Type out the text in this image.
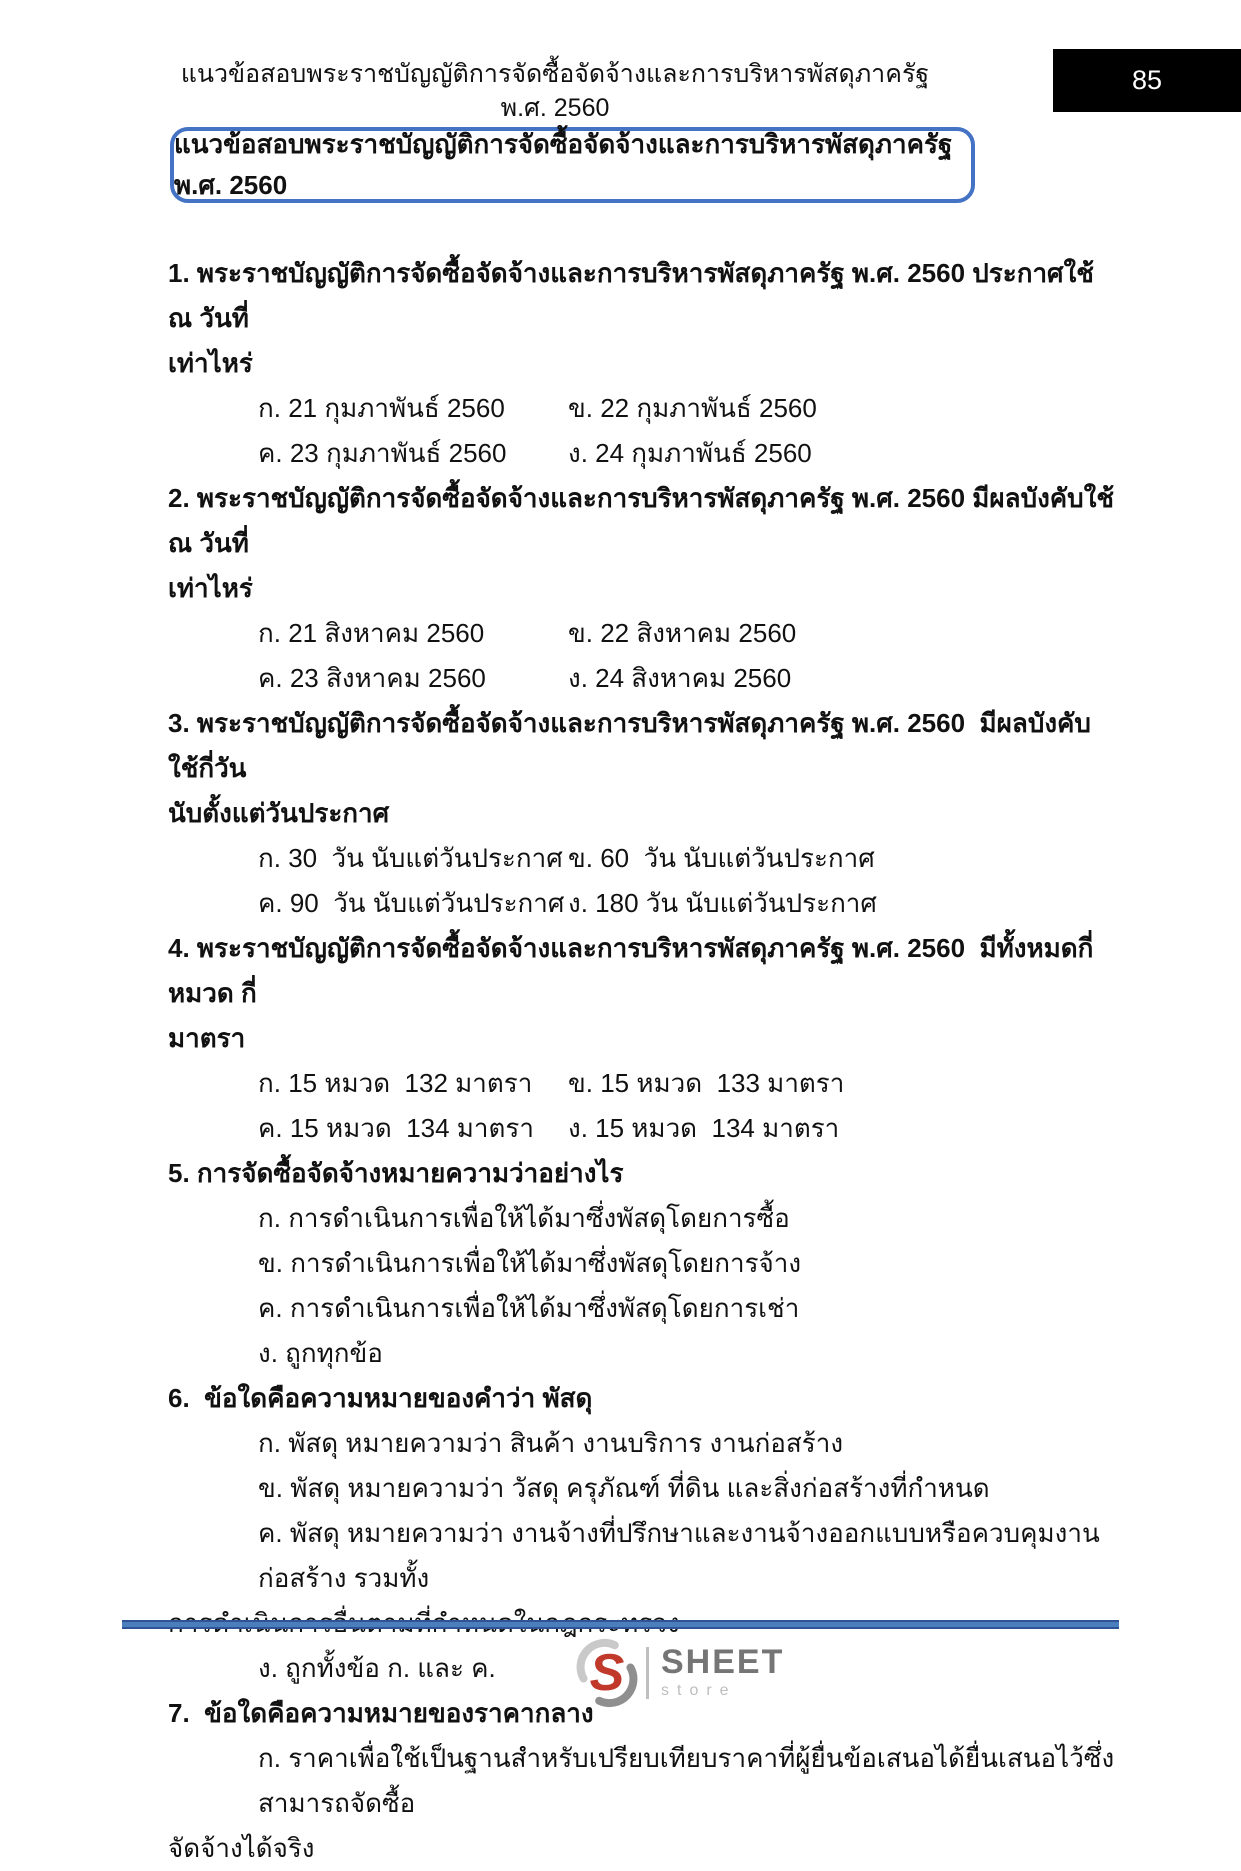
แนวข้อสอบพระราชบัญญัติการจัดซื้อจัดจ้างและการบริหารพัสดุภาครัฐ พ.ศ. 2560
85
แนวข้อสอบพระราชบัญญัติการจัดซื้อจัดจ้างและการบริหารพัสดุภาครัฐ พ.ศ. 2560

1. พระราชบัญญัติการจัดซื้อจัดจ้างและการบริหารพัสดุภาครัฐ พ.ศ. 2560 ประกาศใช้ ณ วันที่

เท่าไหร่

ก. 21 กุมภาพันธ์ 2560	ข. 22 กุมภาพันธ์ 2560
ค. 23 กุมภาพันธ์ 2560	ง. 24 กุมภาพันธ์ 2560

2. พระราชบัญญัติการจัดซื้อจัดจ้างและการบริหารพัสดุภาครัฐ พ.ศ. 2560 มีผลบังคับใช้ ณ วันที่

เท่าไหร่

ก. 21 สิงหาคม 2560	ข. 22 สิงหาคม 2560
ค. 23 สิงหาคม 2560	ง. 24 สิงหาคม 2560

3. พระราชบัญญัติการจัดซื้อจัดจ้างและการบริหารพัสดุภาครัฐ พ.ศ. 2560  มีผลบังคับใช้กี่วัน

นับตั้งแต่วันประกาศ

ก. 30  วัน นับแต่วันประกาศ ข. 60  วัน นับแต่วันประกาศ
ค. 90  วัน นับแต่วันประกาศ ง. 180 วัน นับแต่วันประกาศ

4. พระราชบัญญัติการจัดซื้อจัดจ้างและการบริหารพัสดุภาครัฐ พ.ศ. 2560  มีทั้งหมดกี่หมวด กี่

มาตรา

ก. 15 หมวด  132 มาตรา	ข. 15 หมวด  133 มาตรา
ค. 15 หมวด  134 มาตรา	ง. 15 หมวด  134 มาตรา

5. การจัดซื้อจัดจ้างหมายความว่าอย่างไร

ก. การดำเนินการเพื่อให้ได้มาซึ่งพัสดุโดยการซื้อ

ข. การดำเนินการเพื่อให้ได้มาซึ่งพัสดุโดยการจ้าง

ค. การดำเนินการเพื่อให้ได้มาซึ่งพัสดุโดยการเช่า

ง. ถูกทุกข้อ

6.  ข้อใดคือความหมายของคำว่า พัสดุ

ก. พัสดุ หมายความว่า สินค้า งานบริการ งานก่อสร้าง

ข. พัสดุ หมายความว่า วัสดุ ครุภัณฑ์ ที่ดิน และสิ่งก่อสร้างที่กำหนด

ค. พัสดุ หมายความว่า งานจ้างที่ปรึกษาและงานจ้างออกแบบหรือควบคุมงานก่อสร้าง รวมทั้ง

ง. ถูกทั้งข้อ ก. และ ค.

7.  ข้อใดคือความหมายของราคากลาง

ก. ราคาเพื่อใช้เป็นฐานสำหรับเปรียบเทียบราคาที่ผู้ยื่นข้อเสนอได้ยื่นเสนอไว้ซึ่งสามารถจัดซื้อ

จัดจ้างได้จริง

S SHEET
store
